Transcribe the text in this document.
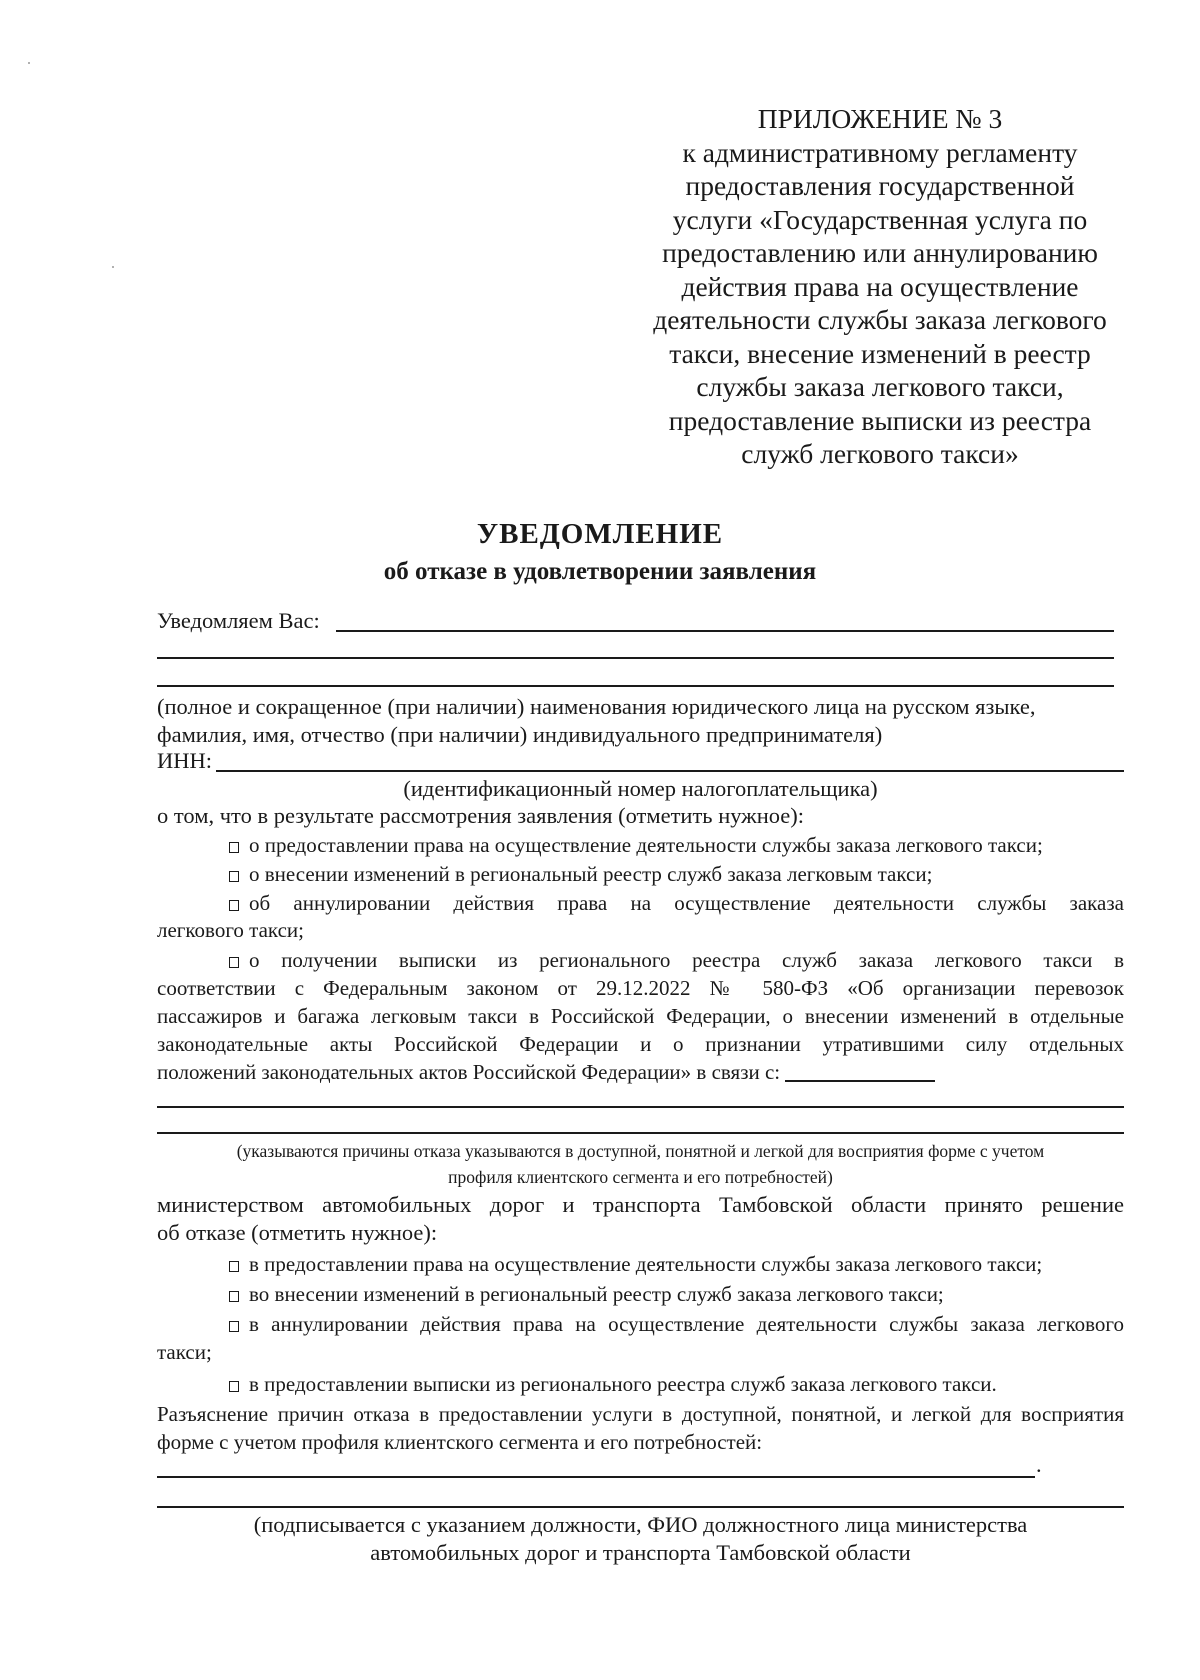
ПРИЛОЖЕНИЕ № 3
к административному регламенту
предоставления государственной
услуги «Государственная услуга по
предоставлению или аннулированию
действия права на осуществление
деятельности службы заказа легкового
такси, внесение изменений в реестр
службы заказа легкового такси,
предоставление выписки из реестра
служб легкового такси»
УВЕДОМЛЕНИЕ
об отказе в удовлетворении заявления
Уведомляем Вас:
(полное и сокращенное (при наличии) наименования юридического лица на русском языке,
фамилия, имя, отчество (при наличии) индивидуального предпринимателя)
ИНН:
(идентификационный номер налогоплательщика)
о том, что в результате рассмотрения заявления (отметить нужное):
о предоставлении права на осуществление деятельности службы заказа легкового такси;
о внесении изменений в региональный реестр служб заказа легковым такси;
об аннулировании действия права на осуществление деятельности службы заказа
легкового такси;
о получении выписки из регионального реестра служб заказа легкового такси в
соответствии с Федеральным законом от 29.12.2022 № 580-ФЗ «Об организации перевозок
пассажиров и багажа легковым такси в Российской Федерации, о внесении изменений в отдельные
законодательные акты Российской Федерации и о признании утратившими силу отдельных
положений законодательных актов Российской Федерации» в связи с:
(указываются причины отказа указываются в доступной, понятной и легкой для восприятия форме с учетом
профиля клиентского сегмента и его потребностей)
министерством автомобильных дорог и транспорта Тамбовской области принято решение
об отказе (отметить нужное):
в предоставлении права на осуществление деятельности службы заказа легкового такси;
во внесении изменений в региональный реестр служб заказа легкового такси;
в аннулировании действия права на осуществление деятельности службы заказа легкового
такси;
в предоставлении выписки из регионального реестра служб заказа легкового такси.
Разъяснение причин отказа в предоставлении услуги в доступной, понятной, и легкой для восприятия
форме с учетом профиля клиентского сегмента и его потребностей:
.
(подписывается с указанием должности, ФИО должностного лица министерства
автомобильных дорог и транспорта Тамбовской области
